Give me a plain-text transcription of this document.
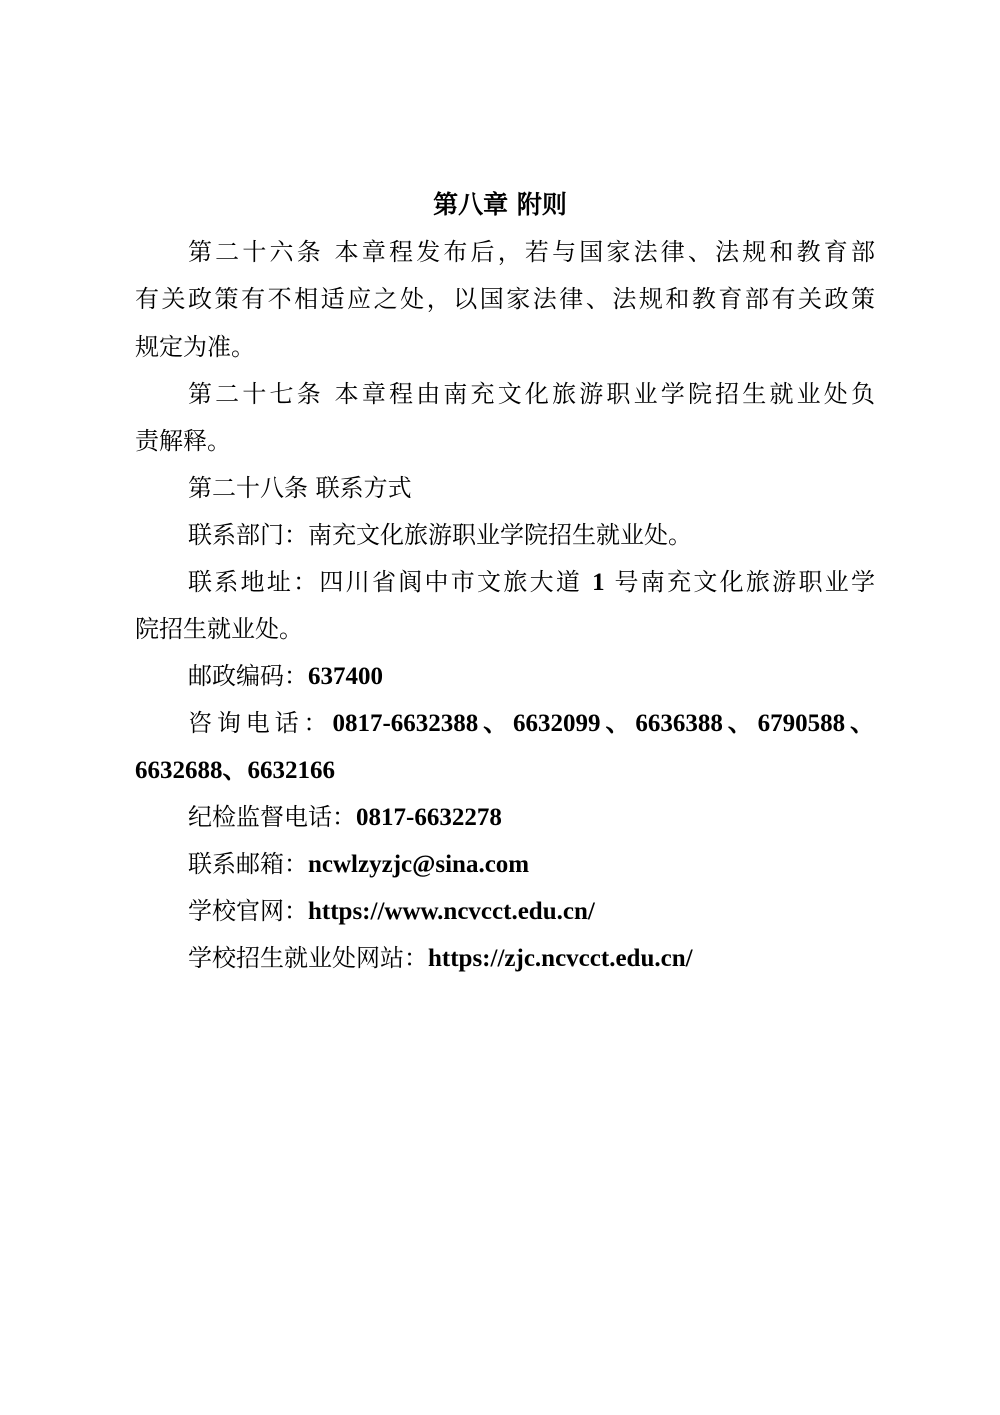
第八章 附则
第二十六条 本章程发布后，若与国家法律、法规和教育部
有关政策有不相适应之处，以国家法律、法规和教育部有关政策
规定为准。
第二十七条 本章程由南充文化旅游职业学院招生就业处负
责解释。
第二十八条 联系方式
联系部门：南充文化旅游职业学院招生就业处。
联系地址：四川省阆中市文旅大道 1 号南充文化旅游职业学
院招生就业处。
邮政编码：637400
咨询电话：0817-6632388、6632099、6636388、6790588、
6632688、6632166
纪检监督电话：0817-6632278
联系邮箱：ncwlzyzjc@sina.com
学校官网：https://www.ncvcct.edu.cn/
学校招生就业处网站：https://zjc.ncvcct.edu.cn/
